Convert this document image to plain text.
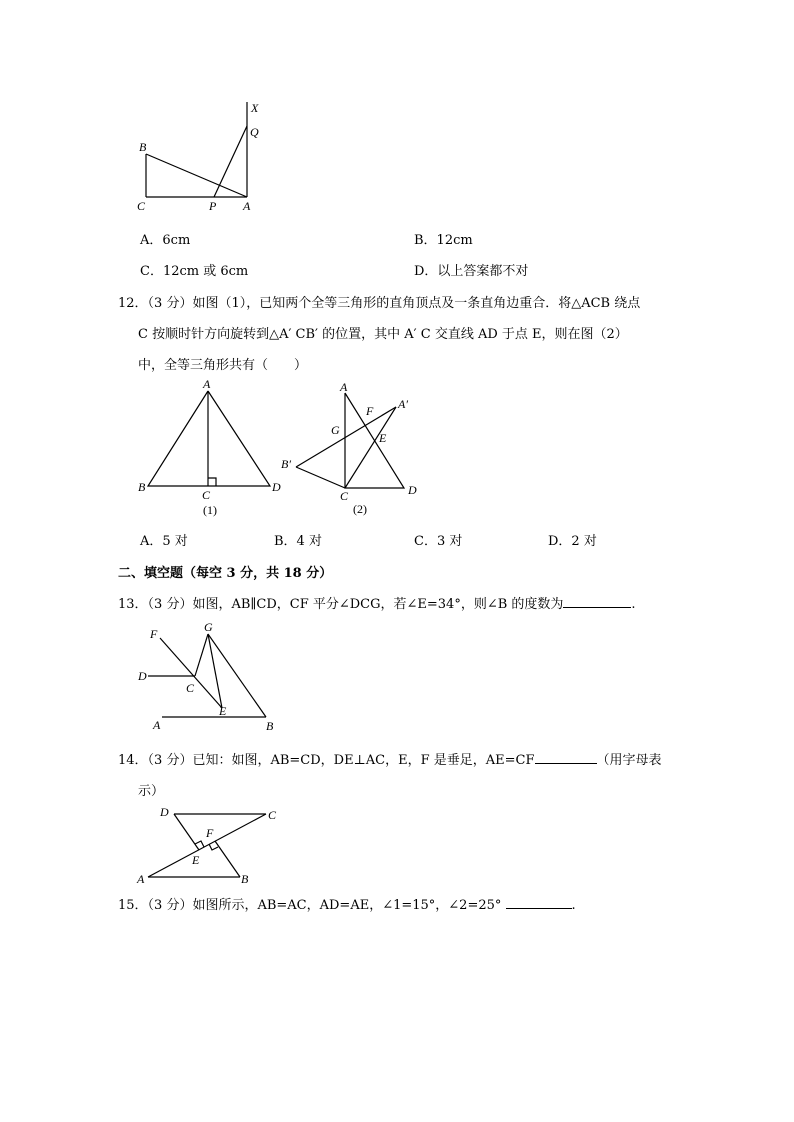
X
Q
B
C	P A
A．6cm	B．12cm
C．12cm 或 6cm	D．以上答案都不对
12．（3 分）如图（1），已知两个全等三角形的直角顶点及一条直角边重合．将△ACB 绕点
C 按顺时针方向旋转到△A′ CB′ 的位置，其中 A′ C 交直线 AD 于点 E，则在图（2）
中，全等三角形共有（　　）
A
B
C
D
(1)
A
F A′
G
E
B′
C	D
(2)
A．5 对	B．4 对	C．3 对	D．2 对
二、填空题（每空 3 分，共 18 分）
13．（3 分）如图，AB∥CD，CF 平分∠DCG，若∠E=34°，则∠B 的度数为	.
F	G
D
C
E
A	B
14．（3 分）已知：如图，AB=CD，DE⊥AC，E，F 是垂足，AE=CF	（用字母表
示）
D	C
F
E
A	B
15．（3 分）如图所示，AB=AC，AD=AE，∠1=15°，∠2=25°	.
